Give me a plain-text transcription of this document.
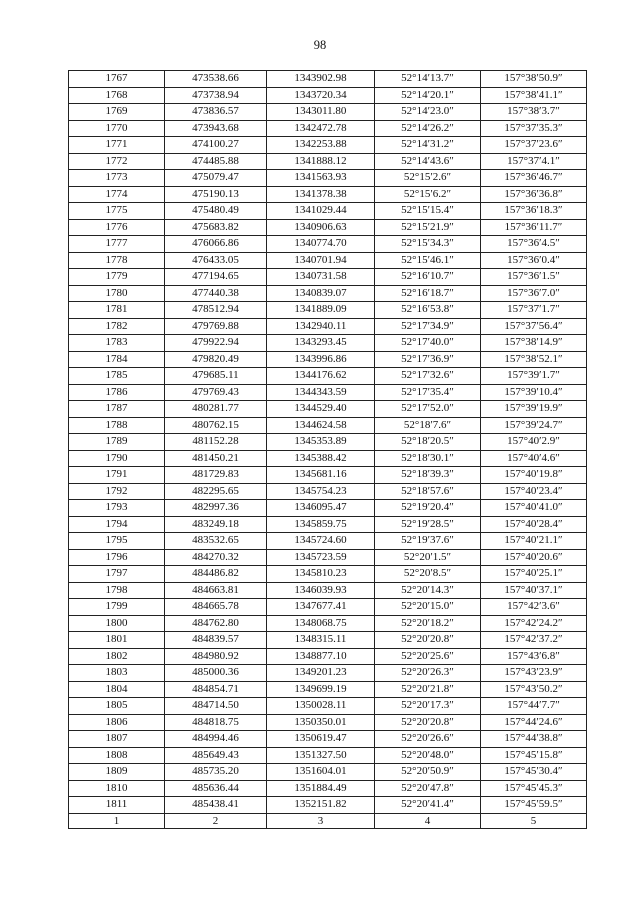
98
1767	473538.66	1343902.98	52°14′13.7″	157°38′50.9″
1768	473738.94	1343720.34	52°14′20.1″	157°38′41.1″
1769	473836.57	1343011.80	52°14′23.0″	157°38′3.7″
1770	473943.68	1342472.78	52°14′26.2″	157°37′35.3″
1771	474100.27	1342253.88	52°14′31.2″	157°37′23.6″
1772	474485.88	1341888.12	52°14′43.6″	157°37′4.1″
1773	475079.47	1341563.93	52°15′2.6″	157°36′46.7″
1774	475190.13	1341378.38	52°15′6.2″	157°36′36.8″
1775	475480.49	1341029.44	52°15′15.4″	157°36′18.3″
1776	475683.82	1340906.63	52°15′21.9″	157°36′11.7″
1777	476066.86	1340774.70	52°15′34.3″	157°36′4.5″
1778	476433.05	1340701.94	52°15′46.1″	157°36′0.4″
1779	477194.65	1340731.58	52°16′10.7″	157°36′1.5″
1780	477440.38	1340839.07	52°16′18.7″	157°36′7.0″
1781	478512.94	1341889.09	52°16′53.8″	157°37′1.7″
1782	479769.88	1342940.11	52°17′34.9″	157°37′56.4″
1783	479922.94	1343293.45	52°17′40.0″	157°38′14.9″
1784	479820.49	1343996.86	52°17′36.9″	157°38′52.1″
1785	479685.11	1344176.62	52°17′32.6″	157°39′1.7″
1786	479769.43	1344343.59	52°17′35.4″	157°39′10.4″
1787	480281.77	1344529.40	52°17′52.0″	157°39′19.9″
1788	480762.15	1344624.58	52°18′7.6″	157°39′24.7″
1789	481152.28	1345353.89	52°18′20.5″	157°40′2.9″
1790	481450.21	1345388.42	52°18′30.1″	157°40′4.6″
1791	481729.83	1345681.16	52°18′39.3″	157°40′19.8″
1792	482295.65	1345754.23	52°18′57.6″	157°40′23.4″
1793	482997.36	1346095.47	52°19′20.4″	157°40′41.0″
1794	483249.18	1345859.75	52°19′28.5″	157°40′28.4″
1795	483532.65	1345724.60	52°19′37.6″	157°40′21.1″
1796	484270.32	1345723.59	52°20′1.5″	157°40′20.6″
1797	484486.82	1345810.23	52°20′8.5″	157°40′25.1″
1798	484663.81	1346039.93	52°20′14.3″	157°40′37.1″
1799	484665.78	1347677.41	52°20′15.0″	157°42′3.6″
1800	484762.80	1348068.75	52°20′18.2″	157°42′24.2″
1801	484839.57	1348315.11	52°20′20.8″	157°42′37.2″
1802	484980.92	1348877.10	52°20′25.6″	157°43′6.8″
1803	485000.36	1349201.23	52°20′26.3″	157°43′23.9″
1804	484854.71	1349699.19	52°20′21.8″	157°43′50.2″
1805	484714.50	1350028.11	52°20′17.3″	157°44′7.7″
1806	484818.75	1350350.01	52°20′20.8″	157°44′24.6″
1807	484994.46	1350619.47	52°20′26.6″	157°44′38.8″
1808	485649.43	1351327.50	52°20′48.0″	157°45′15.8″
1809	485735.20	1351604.01	52°20′50.9″	157°45′30.4″
1810	485636.44	1351884.49	52°20′47.8″	157°45′45.3″
1811	485438.41	1352151.82	52°20′41.4″	157°45′59.5″
1	2	3	4	5
